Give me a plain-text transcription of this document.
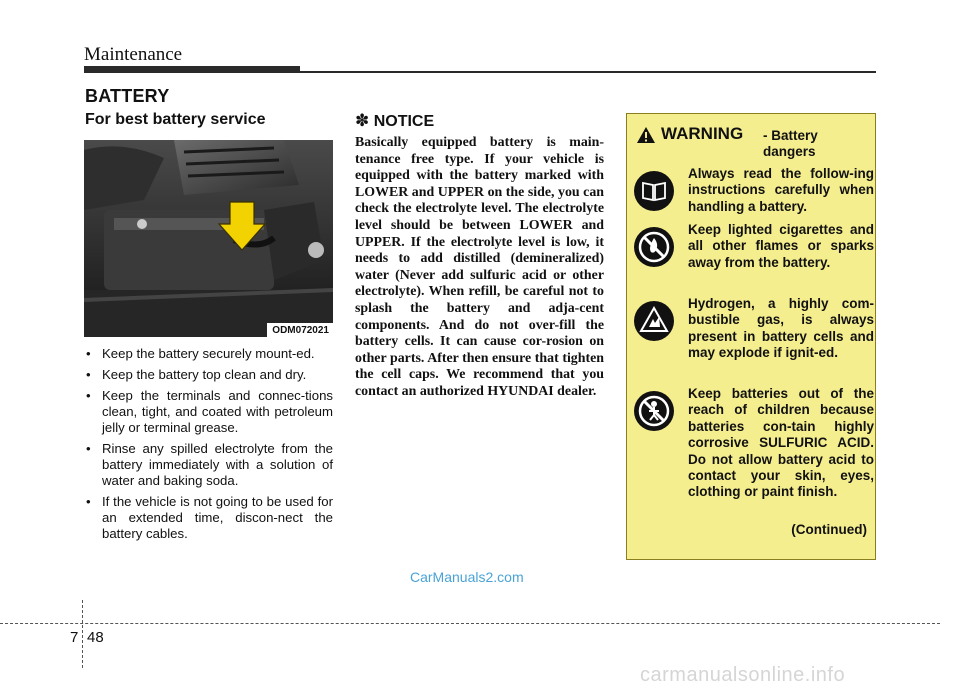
Maintenance
BATTERY
For best battery service
ODM072021
• Keep the battery securely mount-ed.
• Keep the battery top clean and dry.
• Keep the terminals and connec-tions clean, tight, and coated with petroleum jelly or terminal grease.
• Rinse any spilled electrolyte from the battery immediately with a solution of water and baking soda.
• If the vehicle is not going to be used for an extended time, discon-nect the battery cables.
✽ NOTICE

Basically equipped battery is main-tenance free type. If your vehicle is equipped with the battery marked with LOWER and UPPER on the side, you can check the electrolyte level. The electrolyte level should be between LOWER and UPPER. If the electrolyte level is low, it needs to add distilled (demineralized) water (Never add sulfuric acid or other electrolyte). When refill, be careful not to splash the battery and adja-cent components. And do not over-fill the battery cells. It can cause cor-rosion on other parts. After then ensure that tighten the cell caps. We recommend that you contact an authorized HYUNDAI dealer.

WARNING - Battery dangers

Always read the follow-ing instructions carefully when handling a battery.

Keep lighted cigarettes and all other flames or sparks away from the battery.

Hydrogen, a highly com-bustible gas, is always present in battery cells and may explode if ignit-ed.

Keep batteries out of the reach of children because batteries con-tain highly corrosive SULFURIC ACID. Do not allow battery acid to contact your skin, eyes, clothing or paint finish.

(Continued)
CarManuals2.com
7 48
carmanualsonline.info
